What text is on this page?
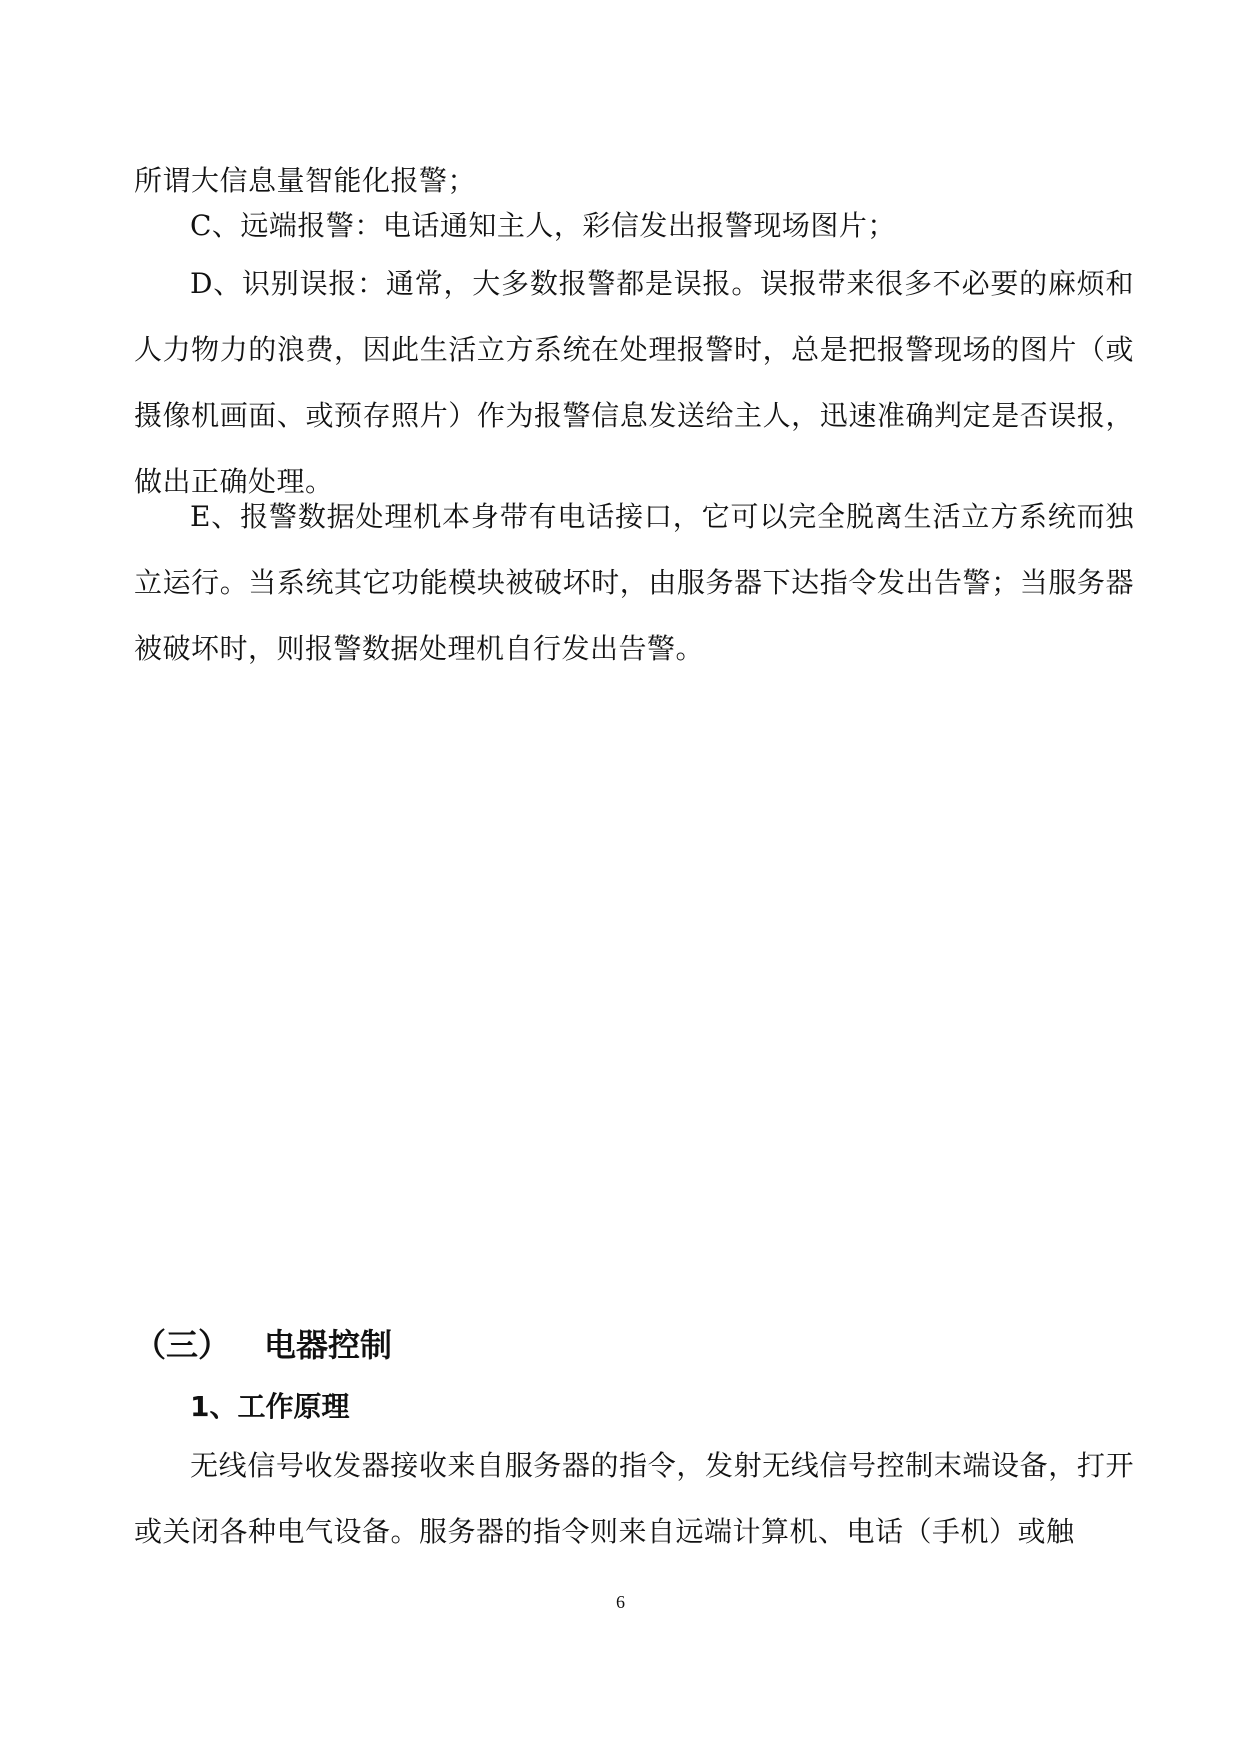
所谓大信息量智能化报警；

C、远端报警：电话通知主人，彩信发出报警现场图片；

D、识别误报：通常，大多数报警都是误报。误报带来很多不必要的麻烦和人力物力的浪费，因此生活立方系统在处理报警时，总是把报警现场的图片（或摄像机画面、或预存照片）作为报警信息发送给主人，迅速准确判定是否误报，做出正确处理。

E、报警数据处理机本身带有电话接口，它可以完全脱离生活立方系统而独立运行。当系统其它功能模块被破坏时，由服务器下达指令发出告警；当服务器被破坏时，则报警数据处理机自行发出告警。

（三） 电器控制
1、工作原理

无线信号收发器接收来自服务器的指令，发射无线信号控制末端设备，打开或关闭各种电气设备。服务器的指令则来自远端计算机、电话（手机）或触

6
